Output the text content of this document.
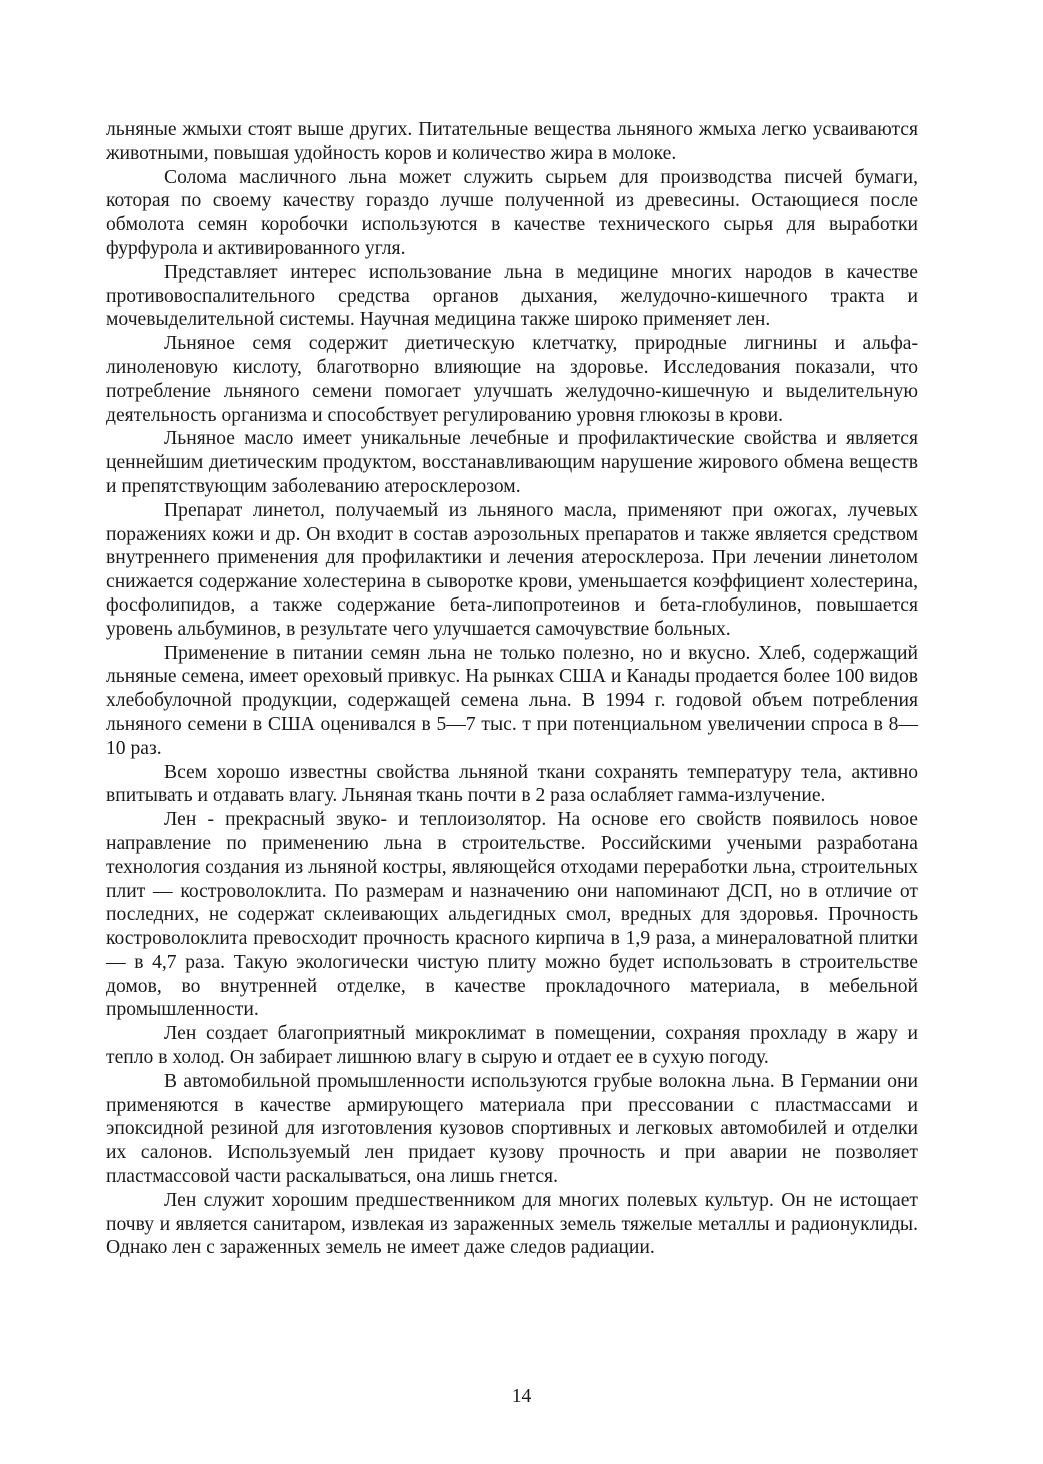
льняные жмыхи стоят выше других. Питательные вещества льняного жмыха легко усваиваются животными, повышая удойность коров и количество жира в молоке.

Солома масличного льна может служить сырьем для производства писчей бумаги, которая по своему качеству гораздо лучше полученной из древесины. Остающиеся после обмолота семян коробочки используются в качестве технического сырья для выработки фурфурола и активированного угля.

Представляет интерес использование льна в медицине многих народов в качестве противовоспалительного средства органов дыхания, желудочно-кишечного тракта и мочевыделительной системы. Научная медицина также широко применяет лен.

Льняное семя содержит диетическую клетчатку, природные лигнины и альфа-линоленовую кислоту, благотворно влияющие на здоровье. Исследования показали, что потребление льняного семени помогает улучшать желудочно-кишечную и выделительную деятельность организма и способствует регулированию уровня глюкозы в крови.

Льняное масло имеет уникальные лечебные и профилактические свойства и является ценнейшим диетическим продуктом, восстанавливающим нарушение жирового обмена веществ и препятствующим заболеванию атеросклерозом.

Препарат линетол, получаемый из льняного масла, применяют при ожогах, лучевых поражениях кожи и др. Он входит в состав аэрозольных препаратов и также является средством внутреннего применения для профилактики и лечения атеросклероза. При лечении линетолом снижается содержание холестерина в сыворотке крови, уменьшается коэффициент холестерина, фосфолипидов, а также содержание бета-липопротеинов и бета-глобулинов, повышается уровень альбуминов, в результате чего улучшается самочувствие больных.

Применение в питании семян льна не только полезно, но и вкусно. Хлеб, содержащий льняные семена, имеет ореховый привкус. На рынках США и Канады продается более 100 видов хлебобулочной продукции, содержащей семена льна. В 1994 г. годовой объем потребления льняного семени в США оценивался в 5—7 тыс. т при потенциальном увеличении спроса в 8—10 раз.

Всем хорошо известны свойства льняной ткани сохранять температуру тела, активно впитывать и отдавать влагу. Льняная ткань почти в 2 раза ослабляет гамма-излучение.

Лен - прекрасный звуко- и теплоизолятор. На основе его свойств появилось новое направление по применению льна в строительстве. Российскими учеными разработана технология создания из льняной костры, являющейся отходами переработки льна, строительных плит — костроволоклита. По размерам и назначению они напоминают ДСП, но в отличие от последних, не содержат склеивающих альдегидных смол, вредных для здоровья. Прочность костроволоклита превосходит прочность красного кирпича в 1,9 раза, а минераловатной плитки — в 4,7 раза. Такую экологически чистую плиту можно будет использовать в строительстве домов, во внутренней отделке, в качестве прокладочного материала, в мебельной промышленности.

Лен создает благоприятный микроклимат в помещении, сохраняя прохладу в жару и тепло в холод. Он забирает лишнюю влагу в сырую и отдает ее в сухую погоду.

В автомобильной промышленности используются грубые волокна льна. В Германии они применяются в качестве армирующего материала при прессовании с пластмассами и эпоксидной резиной для изготовления кузовов спортивных и легковых автомобилей и отделки их салонов. Используемый лен придает кузову прочность и при аварии не позволяет пластмассовой части раскалываться, она лишь гнется.

Лен служит хорошим предшественником для многих полевых культур. Он не истощает почву и является санитаром, извлекая из зараженных земель тяжелые металлы и радионуклиды. Однако лен с зараженных земель не имеет даже следов радиации.

14
